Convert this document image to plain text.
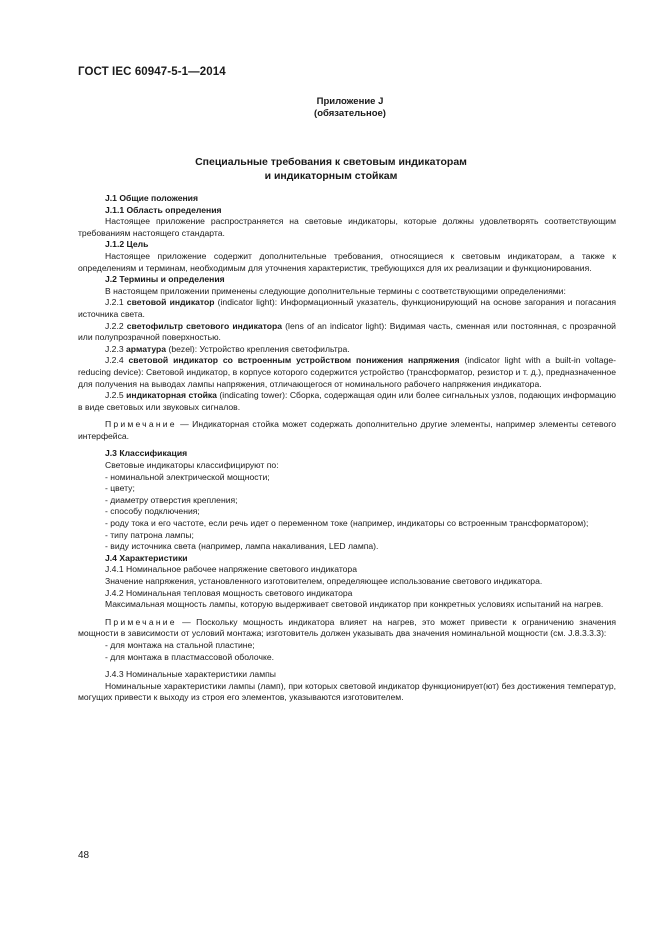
ГОСТ IEC 60947-5-1—2014
Приложение J
(обязательное)
Специальные требования к световым индикаторам
и индикаторным стойкам

J.1 Общие положения

J.1.1 Область определения

Настоящее приложение распространяется на световые индикаторы, которые должны удовлетворять соответствующим требованиям настоящего стандарта.

J.1.2 Цель

Настоящее приложение содержит дополнительные требования, относящиеся к световым индикаторам, а также к определениям и терминам, необходимым для уточнения характеристик, требующихся для их реализации и функционирования.

J.2 Термины и определения

В настоящем приложении применены следующие дополнительные термины с соответствующими определениями:

J.2.1 световой индикатор (indicator light): Информационный указатель, функционирующий на основе загорания и погасания источника света.

J.2.2 светофильтр светового индикатора (lens of an indicator light): Видимая часть, сменная или постоянная, с прозрачной или полупрозрачной поверхностью.

J.2.3 арматура (bezel): Устройство крепления светофильтра.

J.2.4 световой индикатор со встроенным устройством понижения напряжения (indicator light with a built-in voltage-reducing device): Световой индикатор, в корпусе которого содержится устройство (трансформатор, резистор и т. д.), предназначенное для получения на выводах лампы напряжения, отличающегося от номинального рабочего напряжения индикатора.

J.2.5 индикаторная стойка (indicating tower): Сборка, содержащая один или более сигнальных узлов, подающих информацию в виде световых или звуковых сигналов.

Примечание — Индикаторная стойка может содержать дополнительно другие элементы, например элементы сетевого интерфейса.

J.3 Классификация

Световые индикаторы классифицируют по:

- номинальной электрической мощности;

- цвету;

- диаметру отверстия крепления;

- способу подключения;

- роду тока и его частоте, если речь идет о переменном токе (например, индикаторы со встроенным трансформатором);

- типу патрона лампы;

- виду источника света (например, лампа накаливания, LED лампа).

J.4 Характеристики

J.4.1 Номинальное рабочее напряжение светового индикатора

Значение напряжения, установленного изготовителем, определяющее использование светового индикатора.

J.4.2 Номинальная тепловая мощность светового индикатора

Максимальная мощность лампы, которую выдерживает световой индикатор при конкретных условиях испытаний на нагрев.

Примечание — Поскольку мощность индикатора влияет на нагрев, это может привести к ограничению значения мощности в зависимости от условий монтажа; изготовитель должен указывать два значения номинальной мощности (см. J.8.3.3.3):

- для монтажа на стальной пластине;

- для монтажа в пластмассовой оболочке.

J.4.3 Номинальные характеристики лампы

Номинальные характеристики лампы (ламп), при которых световой индикатор функционирует(ют) без достижения температур, могущих привести к выходу из строя его элементов, указываются изготовителем.

48
